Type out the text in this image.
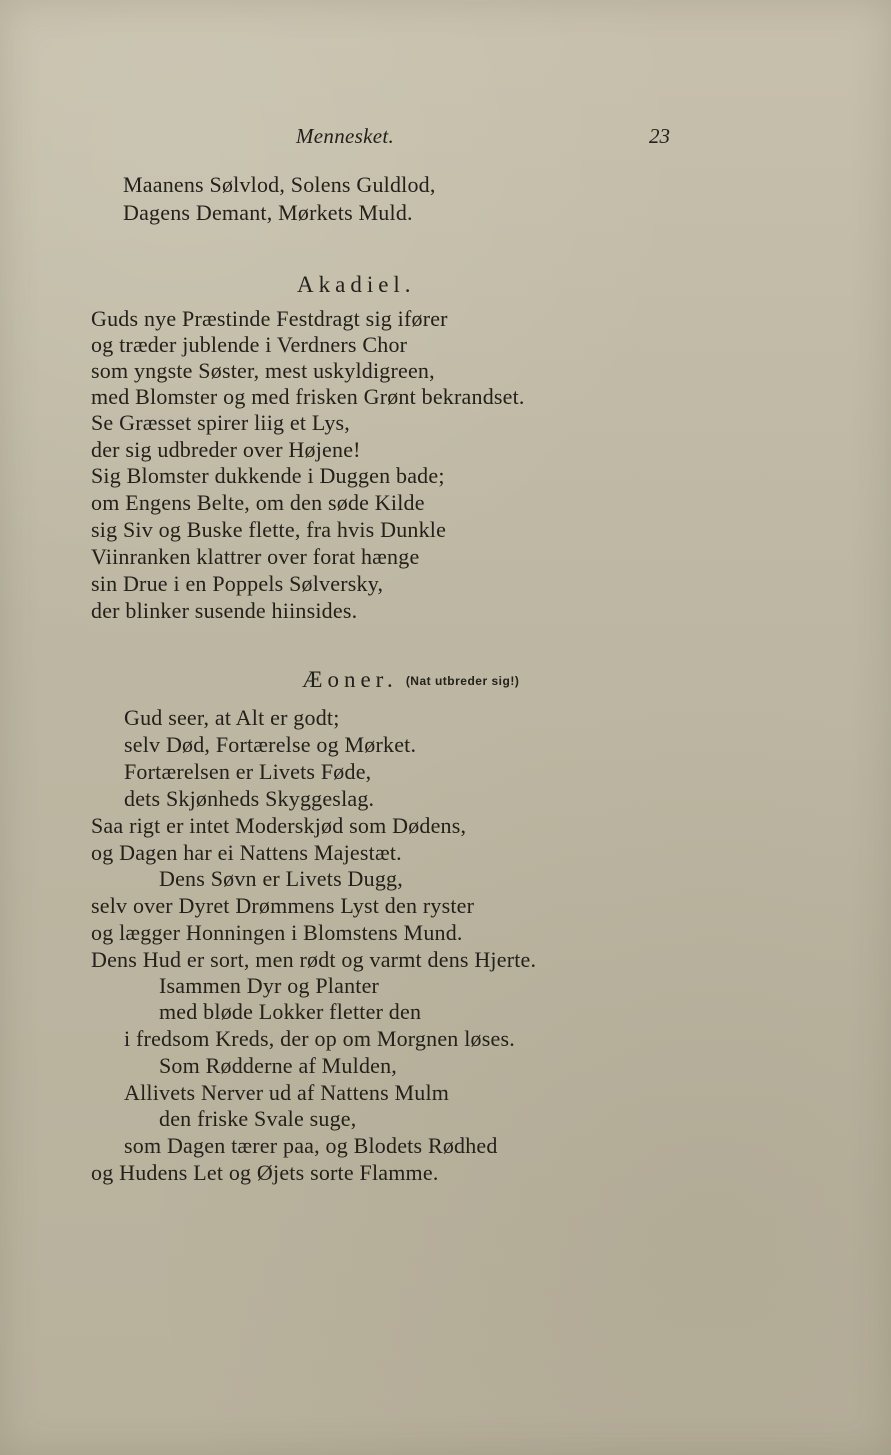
Mennesket.	23
Maanens Sølvlod, Solens Guldlod,
Dagens Demant, Mørkets Muld.
Akadiel.
Guds nye Præstinde Festdragt sig ifører
og træder jublende i Verdners Chor
som yngste Søster, mest uskyldigreen,
med Blomster og med frisken Grønt bekrandset.
Se Græsset spirer liig et Lys,
der sig udbreder over Højene!
Sig Blomster dukkende i Duggen bade;
om Engens Belte, om den søde Kilde
sig Siv og Buske flette, fra hvis Dunkle
Viinranken klattrer over forat hænge
sin Drue i en Poppels Sølversky,
der blinker susende hiinsides.
Æoner. (Nat utbreder sig!)
Gud seer, at Alt er godt;
selv Død, Fortærelse og Mørket.
Fortærelsen er Livets Føde,
dets Skjønheds Skyggeslag.
Saa rigt er intet Moderskjød som Dødens,
og Dagen har ei Nattens Majestæt.
Dens Søvn er Livets Dugg,
selv over Dyret Drømmens Lyst den ryster
og lægger Honningen i Blomstens Mund.
Dens Hud er sort, men rødt og varmt dens Hjerte.
Isammen Dyr og Planter
med bløde Lokker fletter den
i fredsom Kreds, der op om Morgnen løses.
Som Rødderne af Mulden,
Allivets Nerver ud af Nattens Mulm
den friske Svale suge,
som Dagen tærer paa, og Blodets Rødhed
og Hudens Let og Øjets sorte Flamme.
